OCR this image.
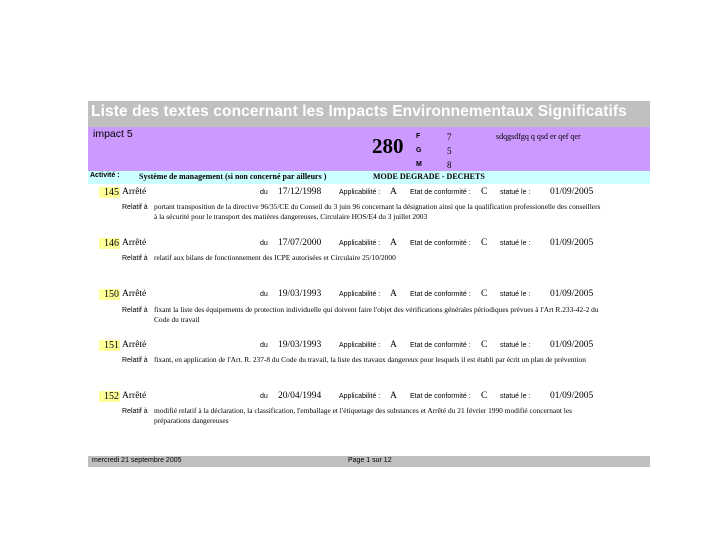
Liste des textes concernant les Impacts Environnementaux Significatifs
impact 5	280 F	7
G	5
M	8
sdqgsdfgq q qsd er qef qer
Activité : Système de management (si non concerné par ailleurs )	MODE DEGRADE - DECHETS
145 Arrêté	du 17/12/1998	Applicabilité : A Etat de conformité : C statué le : 01/09/2005
Relatif à portant transposition de la directive 96/35/CE du Conseil du 3 juin 96 concernant la désignation ainsi que la qualification professionelle des conseillers à la sécurité pour le transport des matières dangereuses, Circulaire HOS/E4 du 3 juillet 2003
146 Arrêté	du 17/07/2000	Applicabilité : A Etat de conformité : C statué le : 01/09/2005
Relatif à relatif aux bilans de fonctionnement des ICPE autorisées et Circulaire 25/10/2000
150 Arrêté	du 19/03/1993	Applicabilité : A Etat de conformité : C statué le : 01/09/2005
Relatif à fixant la liste des équipements de protection individuelle qui doivent faire l'objet des vérifications générales périodiques prévues à l'Art R.233-42-2 du Code du travail
151 Arrêté	du 19/03/1993	Applicabilité : A Etat de conformité : C statué le : 01/09/2005
Relatif à fixant, en application de l'Art. R. 237-8 du Code du travail, la liste des travaux dangereux pour lesquels il est établi par écrit un plan de prévention
152 Arrêté	du 20/04/1994	Applicabilité : A Etat de conformité : C statué le : 01/09/2005
Relatif à modifié relatif à la déclaration, la classification, l'emballage et l'étiquetage des substances et Arrêté du 21 février 1990 modifié concernant les préparations dangereuses
mercredi 21 septembre 2005	Page 1 sur 12
